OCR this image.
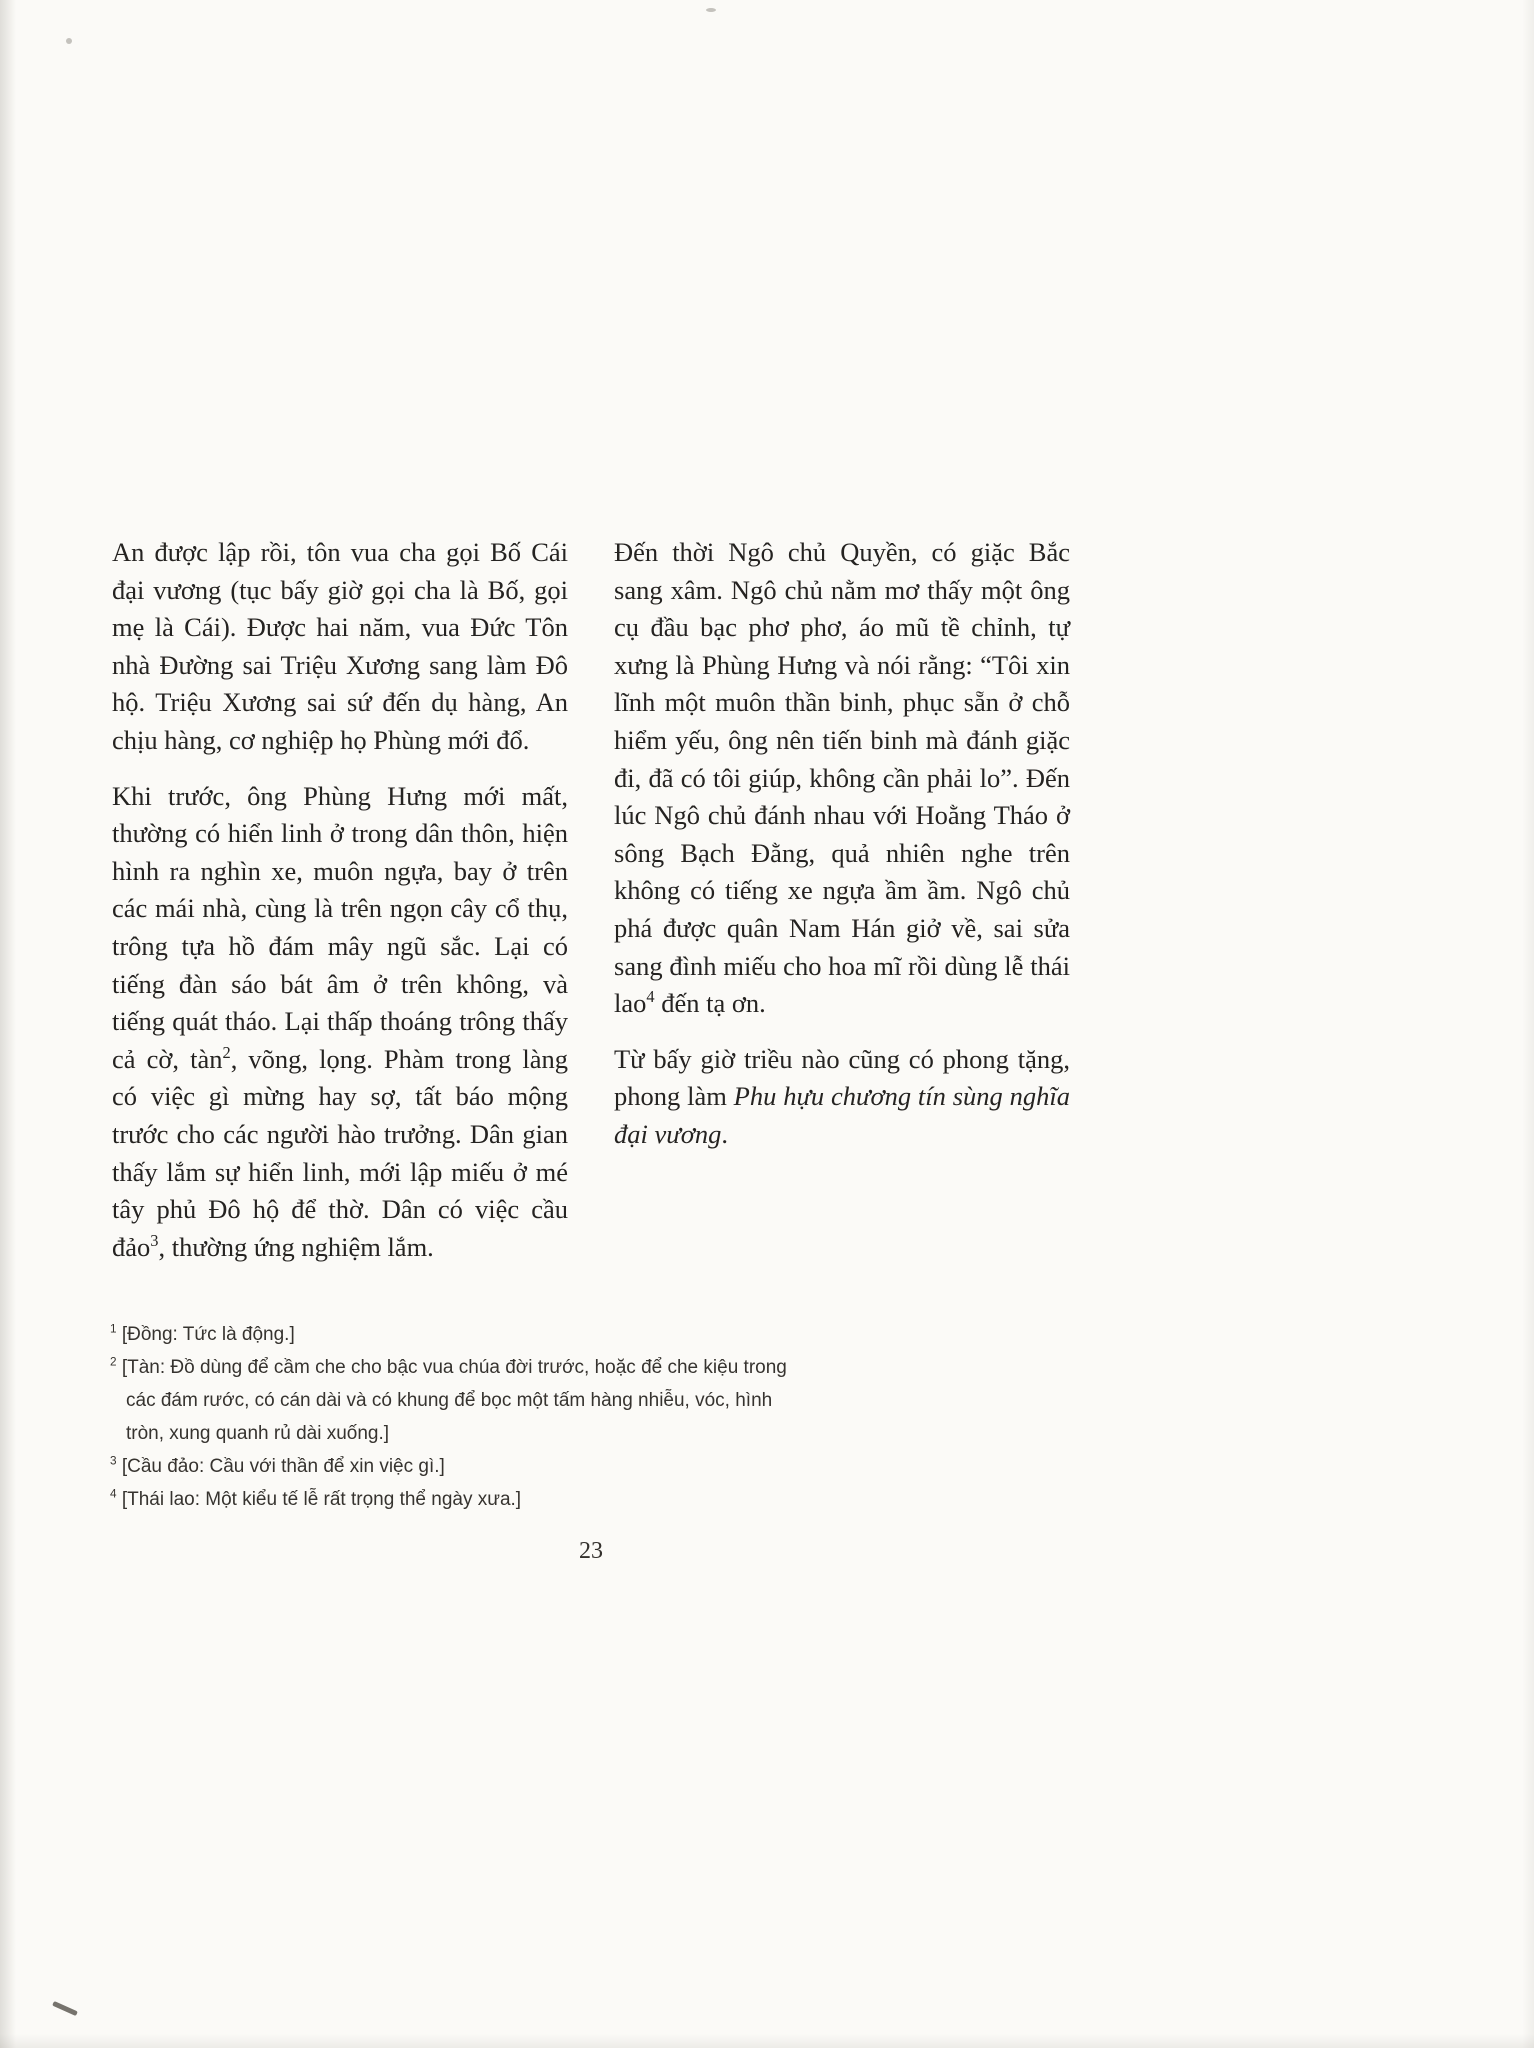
An được lập rồi, tôn vua cha gọi Bố Cái đại vương (tục bấy giờ gọi cha là Bố, gọi mẹ là Cái). Được hai năm, vua Đức Tôn nhà Đường sai Triệu Xương sang làm Đô hộ. Triệu Xương sai sứ đến dụ hàng, An chịu hàng, cơ nghiệp họ Phùng mới đổ.

Khi trước, ông Phùng Hưng mới mất, thường có hiển linh ở trong dân thôn, hiện hình ra nghìn xe, muôn ngựa, bay ở trên các mái nhà, cùng là trên ngọn cây cổ thụ, trông tựa hồ đám mây ngũ sắc. Lại có tiếng đàn sáo bát âm ở trên không, và tiếng quát tháo. Lại thấp thoáng trông thấy cả cờ, tàn$^2$, võng, lọng. Phàm trong làng có việc gì mừng hay sợ, tất báo mộng trước cho các người hào trưởng. Dân gian thấy lắm sự hiển linh, mới lập miếu ở mé tây phủ Đô hộ để thờ. Dân có việc cầu đảo$^3$, thường ứng nghiệm lắm.

Đến thời Ngô chủ Quyền, có giặc Bắc sang xâm. Ngô chủ nằm mơ thấy một ông cụ đầu bạc phơ phơ, áo mũ tề chỉnh, tự xưng là Phùng Hưng và nói rằng: “Tôi xin lĩnh một muôn thần binh, phục sẵn ở chỗ hiểm yếu, ông nên tiến binh mà đánh giặc đi, đã có tôi giúp, không cần phải lo”. Đến lúc Ngô chủ đánh nhau với Hoằng Tháo ở sông Bạch Đằng, quả nhiên nghe trên không có tiếng xe ngựa ầm ầm. Ngô chủ phá được quân Nam Hán giở về, sai sửa sang đình miếu cho hoa mĩ rồi dùng lễ thái lao$^4$ đến tạ ơn.

Từ bấy giờ triều nào cũng có phong tặng, phong làm Phu hựu chương tín sùng nghĩa đại vương.

$^1$ [Đồng: Tức là động.]

$^2$ [Tàn: Đồ dùng để cầm che cho bậc vua chúa đời trước, hoặc để che kiệu trong các đám rước, có cán dài và có khung để bọc một tấm hàng nhiễu, vóc, hình tròn, xung quanh rủ dài xuống.]

$^3$ [Cầu đảo: Cầu với thần để xin việc gì.]

$^4$ [Thái lao: Một kiểu tế lễ rất trọng thể ngày xưa.]

23
